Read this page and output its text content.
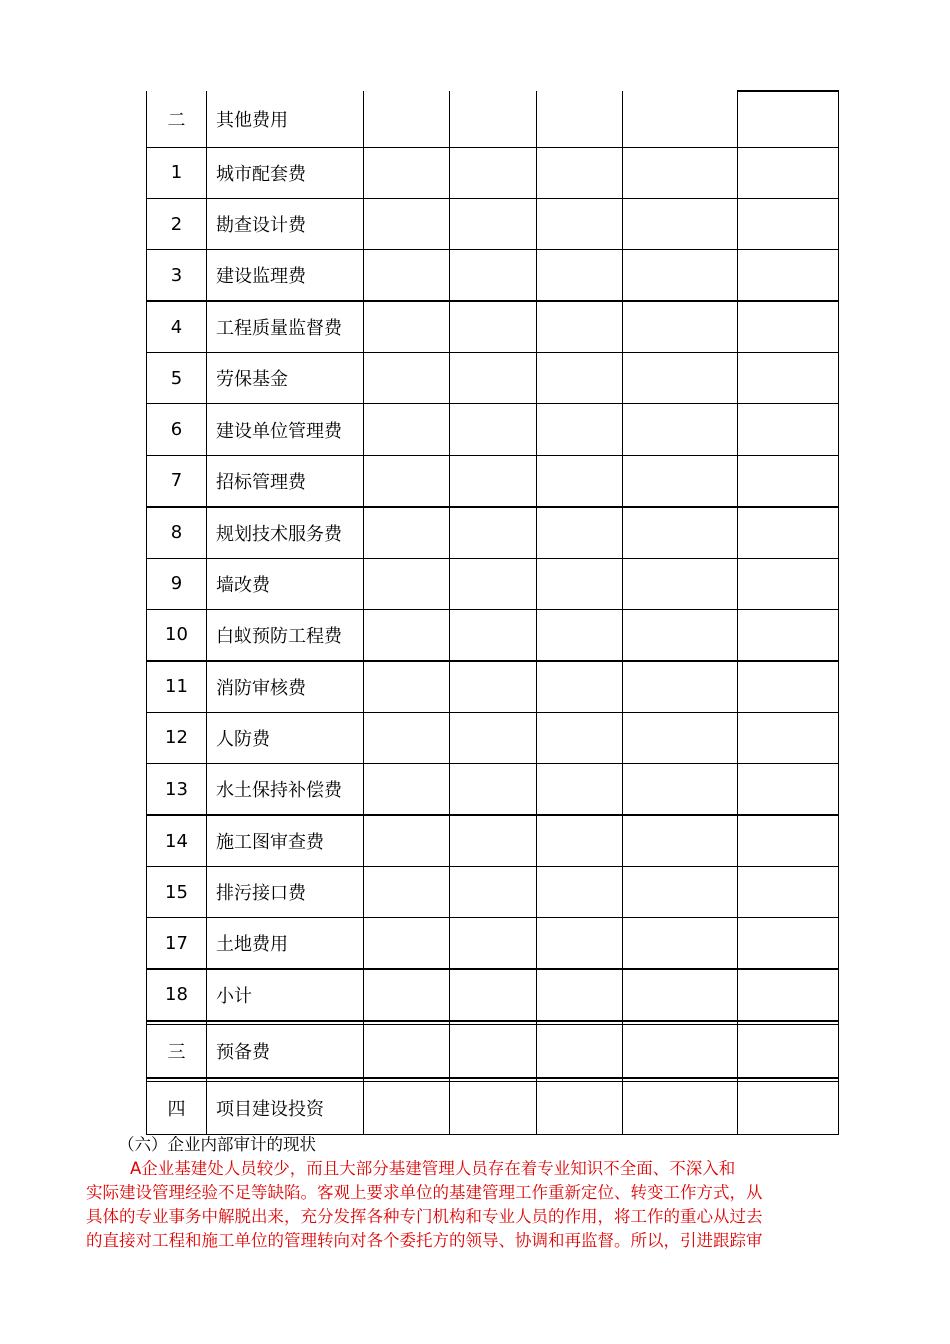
二	其他费用					
1	城市配套费					
2	勘查设计费					
3	建设监理费					
4	工程质量监督费					
5	劳保基金					
6	建设单位管理费					
7	招标管理费					
8	规划技术服务费					
9	墙改费					
10	白蚁预防工程费					
11	消防审核费					
12	人防费					
13	水土保持补偿费					
14	施工图审查费					
15	排污接口费					
17	土地费用					
18	小计					

三	预备费					

四	项目建设投资					
（六）企业内部审计的现状
A企业基建处人员较少，而且大部分基建管理人员存在着专业知识不全面、不深入和
实际建设管理经验不足等缺陷。客观上要求单位的基建管理工作重新定位、转变工作方式，从
具体的专业事务中解脱出来，充分发挥各种专门机构和专业人员的作用，将工作的重心从过去
的直接对工程和施工单位的管理转向对各个委托方的领导、协调和再监督。所以，引进跟踪审
